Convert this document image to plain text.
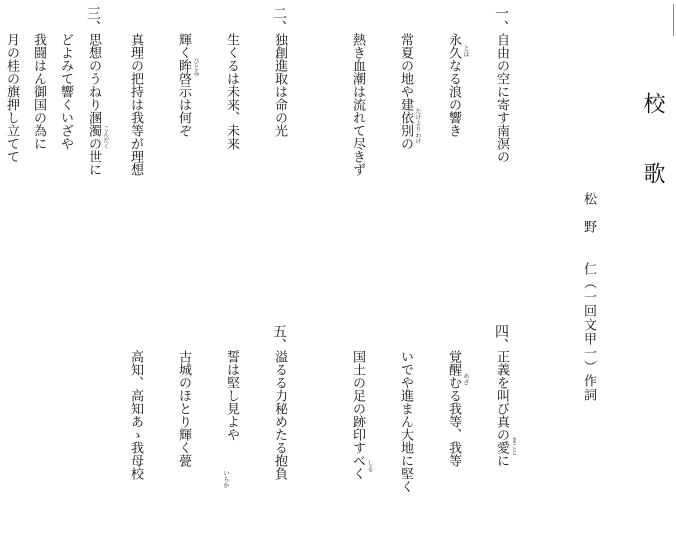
校
歌
松　野　　仁（一回文甲一）作詞
一、
自由の空に寄す南溟の
永久なる浪の響き
常夏の地や建依別の
熱き血潮は流れて尽きず
二、
独創進取は命の光
生くるは未来、未来
輝く眸啓示は何ぞ
真理の把持は我等が理想
三、
思想のうねり溷濁の世に
どよみて響くいざや
我闘はん御国の為に
月の桂の旗押し立てて
四、
正義を叫び真の愛に
覚醒むる我等、我等
いでや進まん大地に堅く
国土の足の跡印すべく
五、
溢るる力秘めたる抱負
誓は堅し見よや
古城のほとり輝く甍
高知、高知あゝ我母校
とは
たけよりわけ
ひとみ
こんだく
まこと
めざ
しる
いらか
